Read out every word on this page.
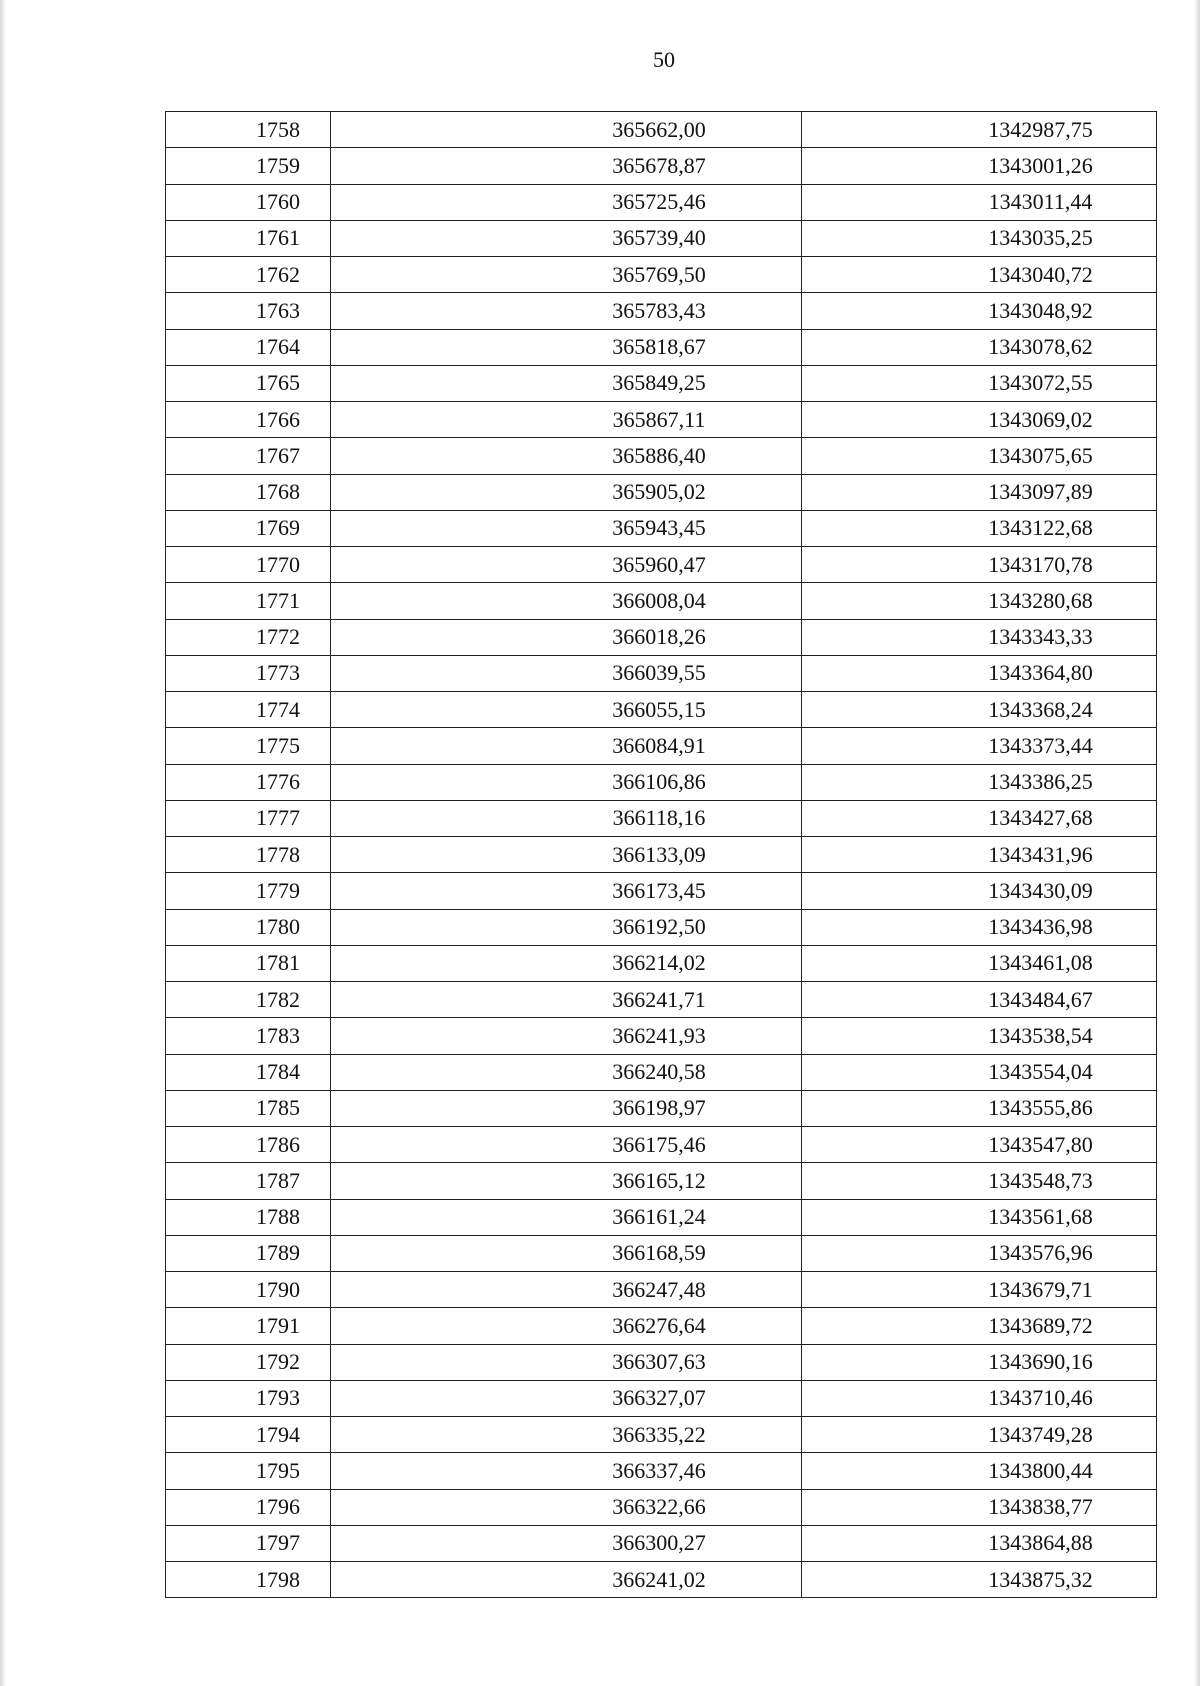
50
1758	365662,00	1342987,75
1759	365678,87	1343001,26
1760	365725,46	1343011,44
1761	365739,40	1343035,25
1762	365769,50	1343040,72
1763	365783,43	1343048,92
1764	365818,67	1343078,62
1765	365849,25	1343072,55
1766	365867,11	1343069,02
1767	365886,40	1343075,65
1768	365905,02	1343097,89
1769	365943,45	1343122,68
1770	365960,47	1343170,78
1771	366008,04	1343280,68
1772	366018,26	1343343,33
1773	366039,55	1343364,80
1774	366055,15	1343368,24
1775	366084,91	1343373,44
1776	366106,86	1343386,25
1777	366118,16	1343427,68
1778	366133,09	1343431,96
1779	366173,45	1343430,09
1780	366192,50	1343436,98
1781	366214,02	1343461,08
1782	366241,71	1343484,67
1783	366241,93	1343538,54
1784	366240,58	1343554,04
1785	366198,97	1343555,86
1786	366175,46	1343547,80
1787	366165,12	1343548,73
1788	366161,24	1343561,68
1789	366168,59	1343576,96
1790	366247,48	1343679,71
1791	366276,64	1343689,72
1792	366307,63	1343690,16
1793	366327,07	1343710,46
1794	366335,22	1343749,28
1795	366337,46	1343800,44
1796	366322,66	1343838,77
1797	366300,27	1343864,88
1798	366241,02	1343875,32
